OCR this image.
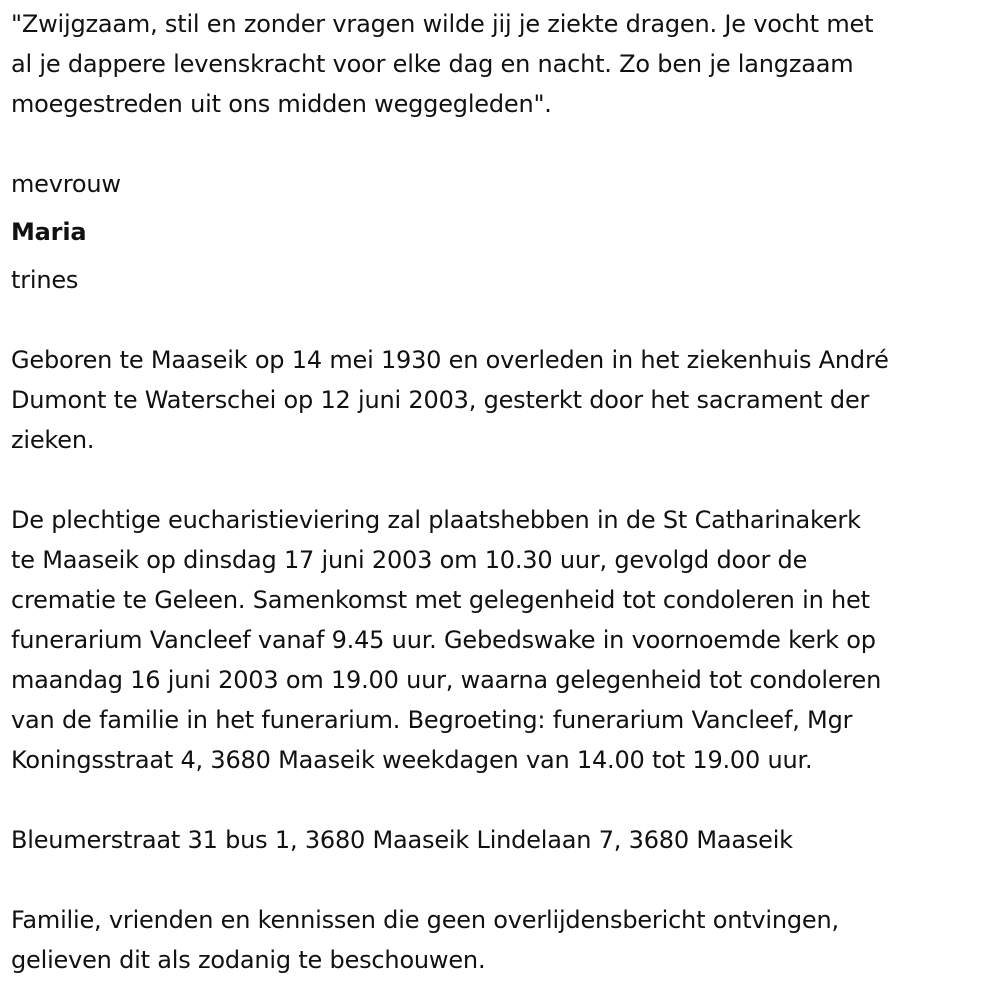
"Zwijgzaam, stil en zonder vragen wilde jij je ziekte dragen. Je vocht met
al je dappere levenskracht voor elke dag en nacht. Zo ben je langzaam
moegestreden uit ons midden weggegleden".

mevrouw

Maria

trines

Geboren te Maaseik op 14 mei 1930 en overleden in het ziekenhuis André
Dumont te Waterschei op 12 juni 2003, gesterkt door het sacrament der
zieken.

De plechtige eucharistieviering zal plaatshebben in de St Catharinakerk
te Maaseik op dinsdag 17 juni 2003 om 10.30 uur, gevolgd door de
crematie te Geleen. Samenkomst met gelegenheid tot condoleren in het
funerarium Vancleef vanaf 9.45 uur. Gebedswake in voornoemde kerk op
maandag 16 juni 2003 om 19.00 uur, waarna gelegenheid tot condoleren
van de familie in het funerarium. Begroeting: funerarium Vancleef, Mgr
Koningsstraat 4, 3680 Maaseik weekdagen van 14.00 tot 19.00 uur.

Bleumerstraat 31 bus 1, 3680 Maaseik Lindelaan 7, 3680 Maaseik

Familie, vrienden en kennissen die geen overlijdensbericht ontvingen,
gelieven dit als zodanig te beschouwen.
